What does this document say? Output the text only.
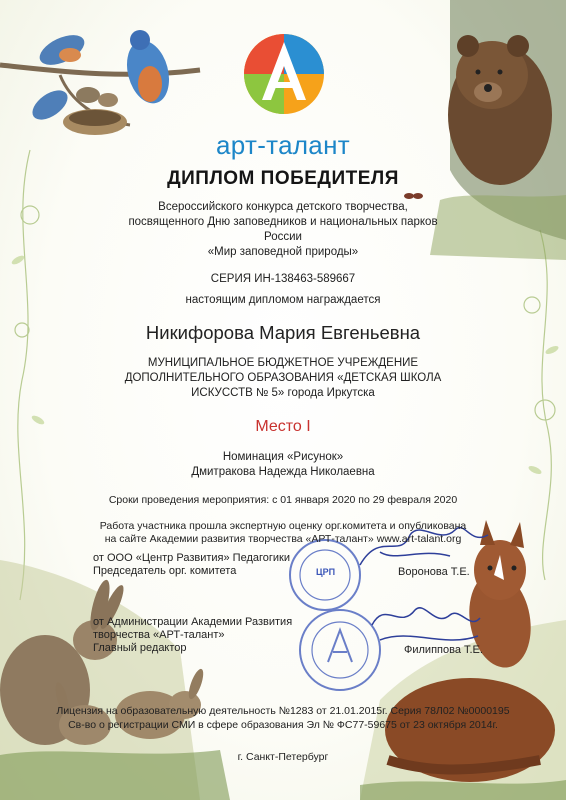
арт-талант
ДИПЛОМ ПОБЕДИТЕЛЯ
Всероссийского конкурса детского творчества,
посвященного Дню заповедников и национальных парков
России
«Мир заповедной природы»
СЕРИЯ ИН-138463-589667
настоящим дипломом награждается
Никифорова Мария Евгеньевна
МУНИЦИПАЛЬНОЕ БЮДЖЕТНОЕ УЧРЕЖДЕНИЕ
ДОПОЛНИТЕЛЬНОГО ОБРАЗОВАНИЯ «ДЕТСКАЯ ШКОЛА
ИСКУССТВ № 5» города Иркутска
Место I
Номинация «Рисунок»
Дмитракова Надежда Николаевна
Сроки проведения мероприятия: с 01 января 2020 по 29 февраля 2020
Работа участника прошла экспертную оценку орг.комитета и опубликована
на сайте Академии развития творчества «АРТ-талант» www.art-talant.org
от ООО «Центр Развития» Педагогики
Председатель орг. комитета	Воронова Т.Е.
ЦРП
от Администрации Академии Развития
творчества «АРТ-талант»
Главный редактор	Филиппова Т.Е.
Лицензия на образовательную деятельность №1283 от 21.01.2015г. Серия 78Л02 №0000195
Св-во о регистрации СМИ в сфере образования Эл № ФС77-59675 от 23 октября 2014г.
г. Санкт-Петербург
